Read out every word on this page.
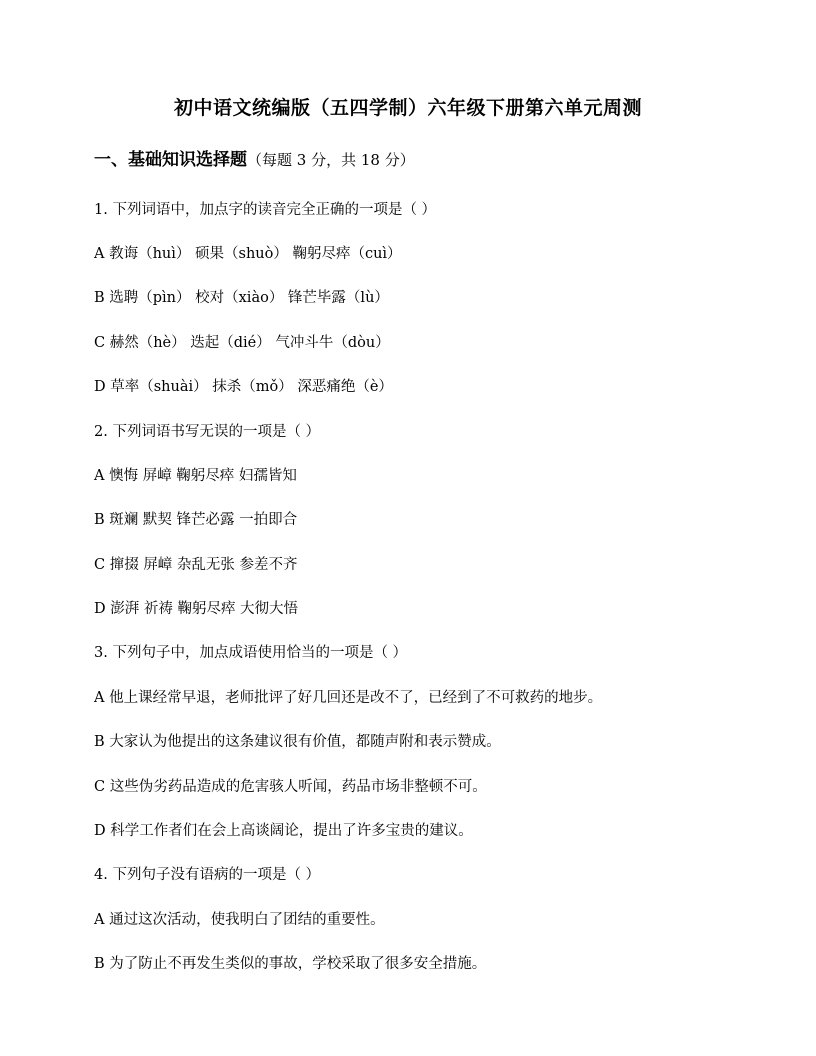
初中语文统编版（五四学制）六年级下册第六单元周测
一、基础知识选择题（每题 3 分，共 18 分）
1. 下列词语中，加点字的读音完全正确的一项是（ ）
A 教诲（huì） 硕果（shuò） 鞠躬尽瘁（cuì）
B 选聘（pìn） 校对（xiào） 锋芒毕露（lù）
C 赫然（hè） 迭起（dié） 气冲斗牛（dòu）
D 草率（shuài） 抹杀（mǒ） 深恶痛绝（è）
2. 下列词语书写无误的一项是（ ）
A 懊悔 屏嶂 鞠躬尽瘁 妇孺皆知
B 斑斓 默契 锋芒必露 一拍即合
C 撺掇 屏嶂 杂乱无张 参差不齐
D 澎湃 祈祷 鞠躬尽瘁 大彻大悟
3. 下列句子中，加点成语使用恰当的一项是（ ）
A 他上课经常早退，老师批评了好几回还是改不了，已经到了不可救药的地步。
B 大家认为他提出的这条建议很有价值，都随声附和表示赞成。
C 这些伪劣药品造成的危害骇人听闻，药品市场非整顿不可。
D 科学工作者们在会上高谈阔论，提出了许多宝贵的建议。
4. 下列句子没有语病的一项是（ ）
A 通过这次活动，使我明白了团结的重要性。
B 为了防止不再发生类似的事故，学校采取了很多安全措施。
